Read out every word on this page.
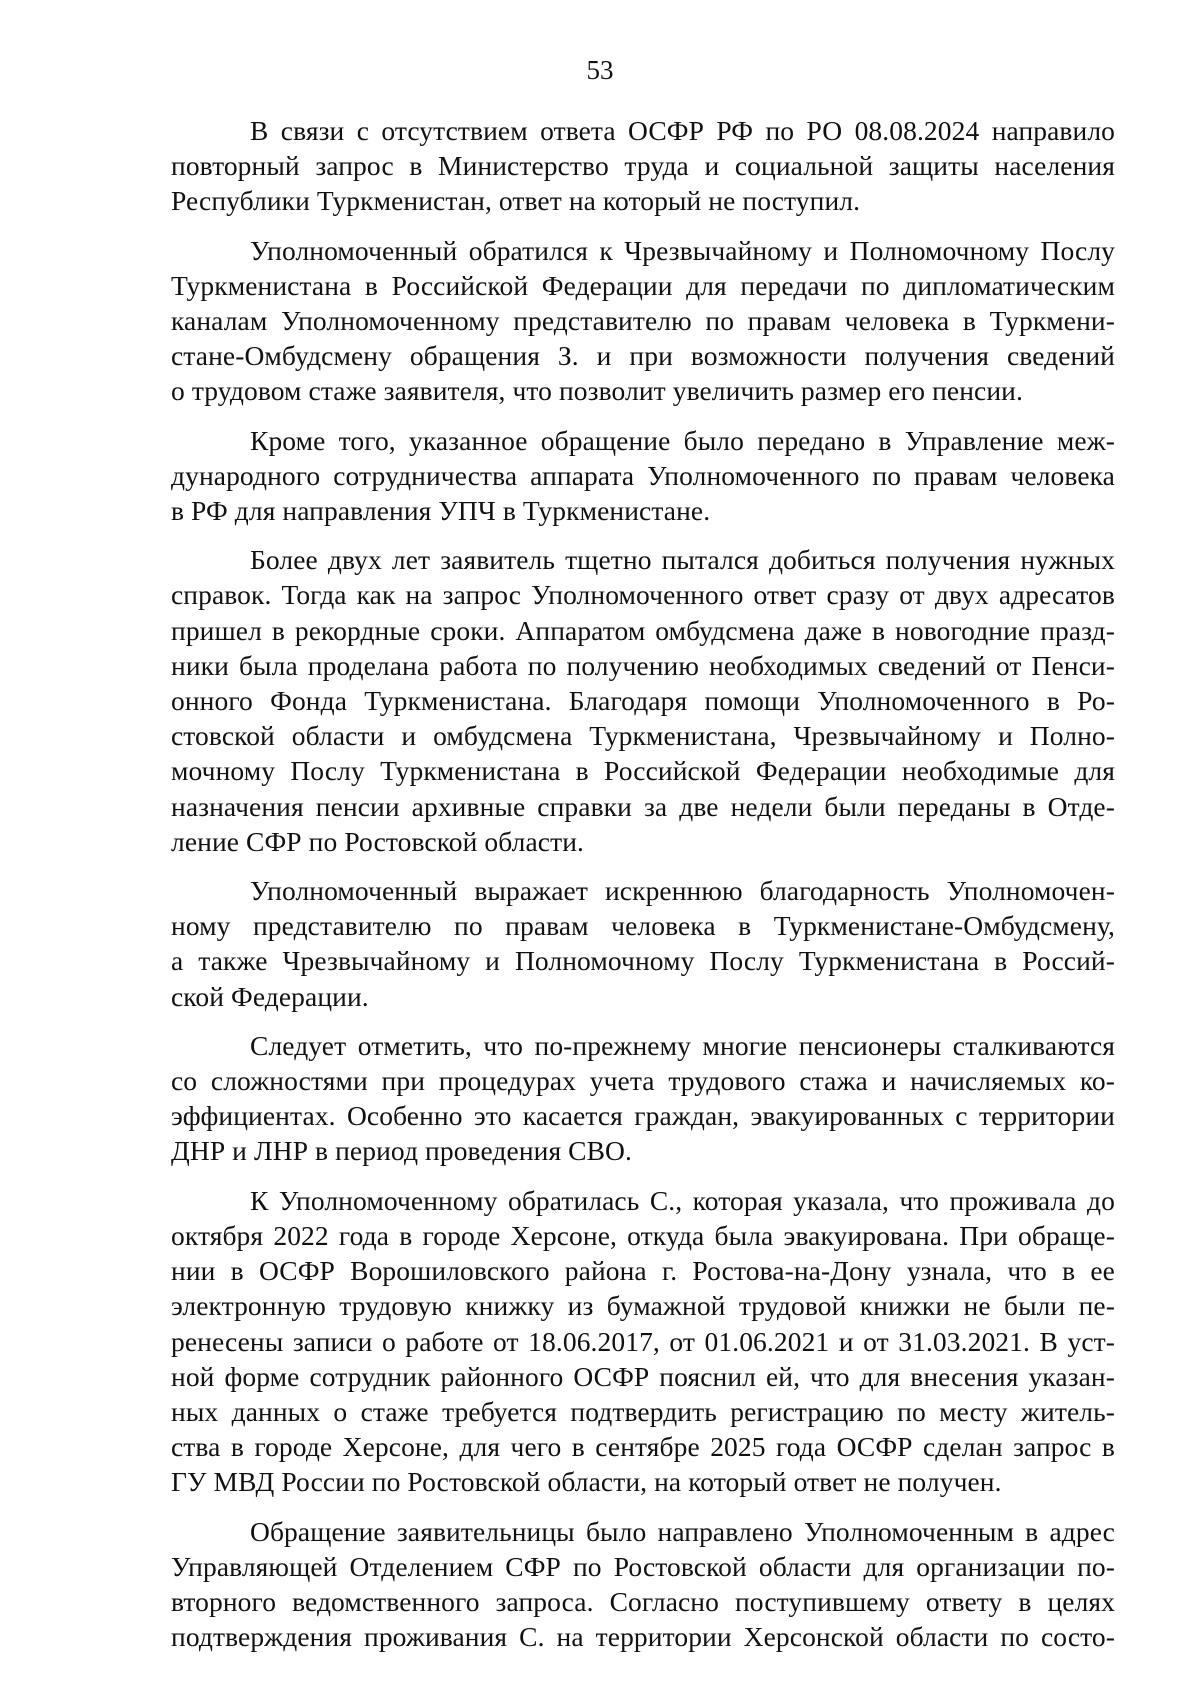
53

В связи с отсутствием ответа ОСФР РФ по РО 08.08.2024 направило
повторный запрос в Министерство труда и социальной защиты населения
Республики Туркменистан, ответ на который не поступил.

Уполномоченный обратился к Чрезвычайному и Полномочному Послу
Туркменистана в Российской Федерации для передачи по дипломатическим
каналам Уполномоченному представителю по правам человека в Туркмени-
стане-Омбудсмену обращения З. и при возможности получения сведений
о трудовом стаже заявителя, что позволит увеличить размер его пенсии.

Кроме того, указанное обращение было передано в Управление меж-
дународного сотрудничества аппарата Уполномоченного по правам человека
в РФ для направления УПЧ в Туркменистане.

Более двух лет заявитель тщетно пытался добиться получения нужных
справок. Тогда как на запрос Уполномоченного ответ сразу от двух адресатов
пришел в рекордные сроки. Аппаратом омбудсмена даже в новогодние празд-
ники была проделана работа по получению необходимых сведений от Пенси-
онного Фонда Туркменистана. Благодаря помощи Уполномоченного в Ро-
стовской области и омбудсмена Туркменистана, Чрезвычайному и Полно-
мочному Послу Туркменистана в Российской Федерации необходимые для
назначения пенсии архивные справки за две недели были переданы в Отде-
ление СФР по Ростовской области.

Уполномоченный выражает искреннюю благодарность Уполномочен-
ному представителю по правам человека в Туркменистане-Омбудсмену,
а также Чрезвычайному и Полномочному Послу Туркменистана в Россий-
ской Федерации.

Следует отметить, что по-прежнему многие пенсионеры сталкиваются
со сложностями при процедурах учета трудового стажа и начисляемых ко-
эффициентах. Особенно это касается граждан, эвакуированных с территории
ДНР и ЛНР в период проведения СВО.

К Уполномоченному обратилась С., которая указала, что проживала до
октября 2022 года в городе Херсоне, откуда была эвакуирована. При обраще-
нии в ОСФР Ворошиловского района г. Ростова-на-Дону узнала, что в ее
электронную трудовую книжку из бумажной трудовой книжки не были пе-
ренесены записи о работе от 18.06.2017, от 01.06.2021 и от 31.03.2021. В уст-
ной форме сотрудник районного ОСФР пояснил ей, что для внесения указан-
ных данных о стаже требуется подтвердить регистрацию по месту житель-
ства в городе Херсоне, для чего в сентябре 2025 года ОСФР сделан запрос в
ГУ МВД России по Ростовской области, на который ответ не получен.

Обращение заявительницы было направлено Уполномоченным в адрес
Управляющей Отделением СФР по Ростовской области для организации по-
вторного ведомственного запроса. Согласно поступившему ответу в целях
подтверждения проживания С. на территории Херсонской области по состо-
